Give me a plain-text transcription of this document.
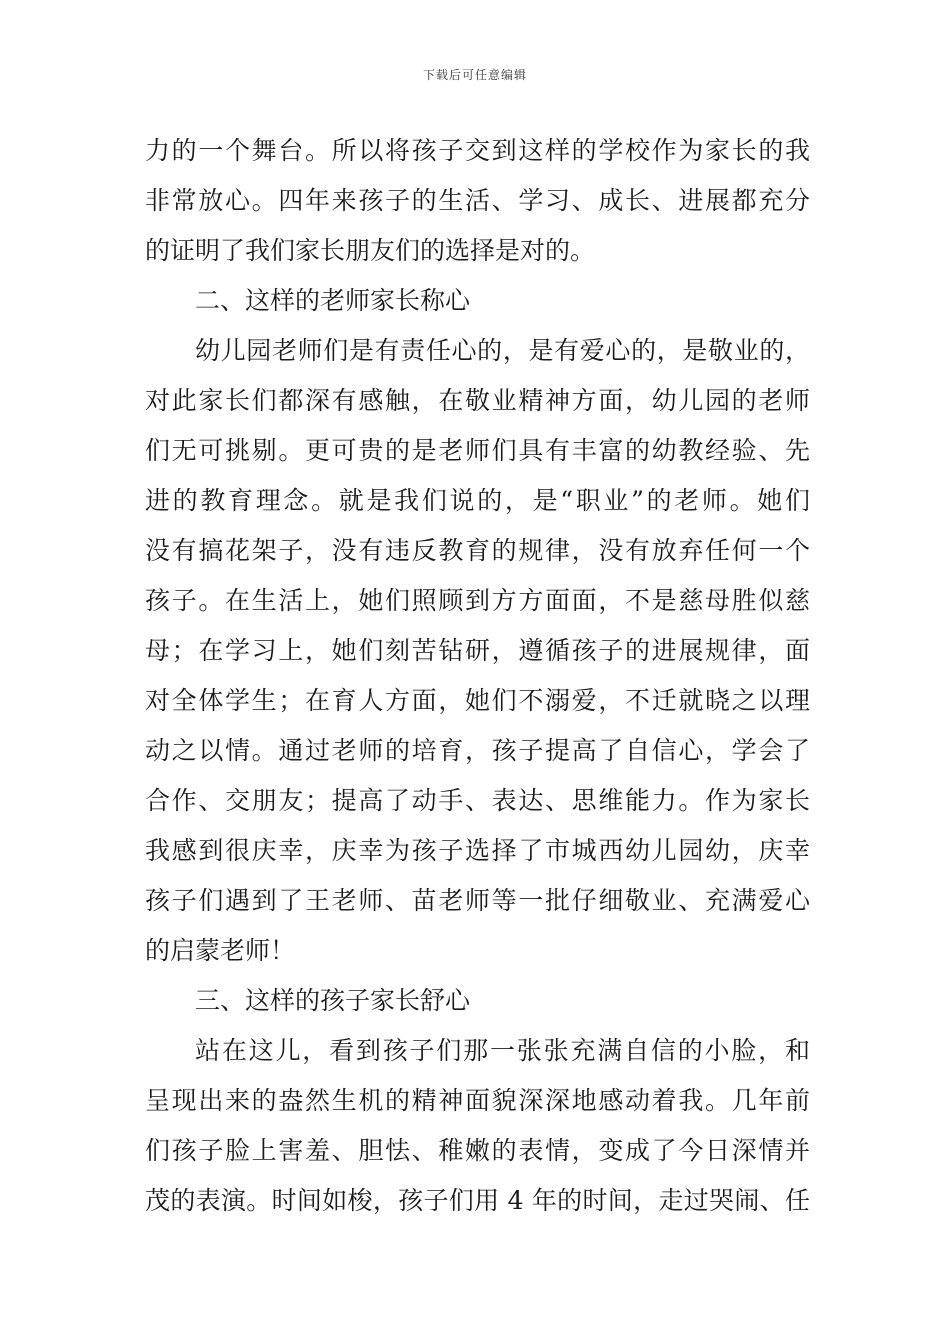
下载后可任意编辑
力的一个舞台。所以将孩子交到这样的学校作为家长的我
非常放心。四年来孩子的生活、学习、成长、进展都充分
的证明了我们家长朋友们的选择是对的。
二、这样的老师家长称心
幼儿园老师们是有责任心的，是有爱心的，是敬业的，
对此家长们都深有感触，在敬业精神方面，幼儿园的老师
们无可挑剔。更可贵的是老师们具有丰富的幼教经验、先
进的教育理念。就是我们说的，是“职业”的老师。她们
没有搞花架子，没有违反教育的规律，没有放弃任何一个
孩子。在生活上，她们照顾到方方面面，不是慈母胜似慈
母；在学习上，她们刻苦钻研，遵循孩子的进展规律，面
对全体学生；在育人方面，她们不溺爱，不迁就晓之以理
动之以情。通过老师的培育，孩子提高了自信心，学会了
合作、交朋友；提高了动手、表达、思维能力。作为家长
我感到很庆幸，庆幸为孩子选择了市城西幼儿园幼，庆幸
孩子们遇到了王老师、苗老师等一批仔细敬业、充满爱心
的启蒙老师！
三、这样的孩子家长舒心
站在这儿，看到孩子们那一张张充满自信的小脸，和
呈现出来的盎然生机的精神面貌深深地感动着我。几年前
们孩子脸上害羞、胆怯、稚嫩的表情，变成了今日深情并
茂的表演。时间如梭，孩子们用 4 年的时间，走过哭闹、任
